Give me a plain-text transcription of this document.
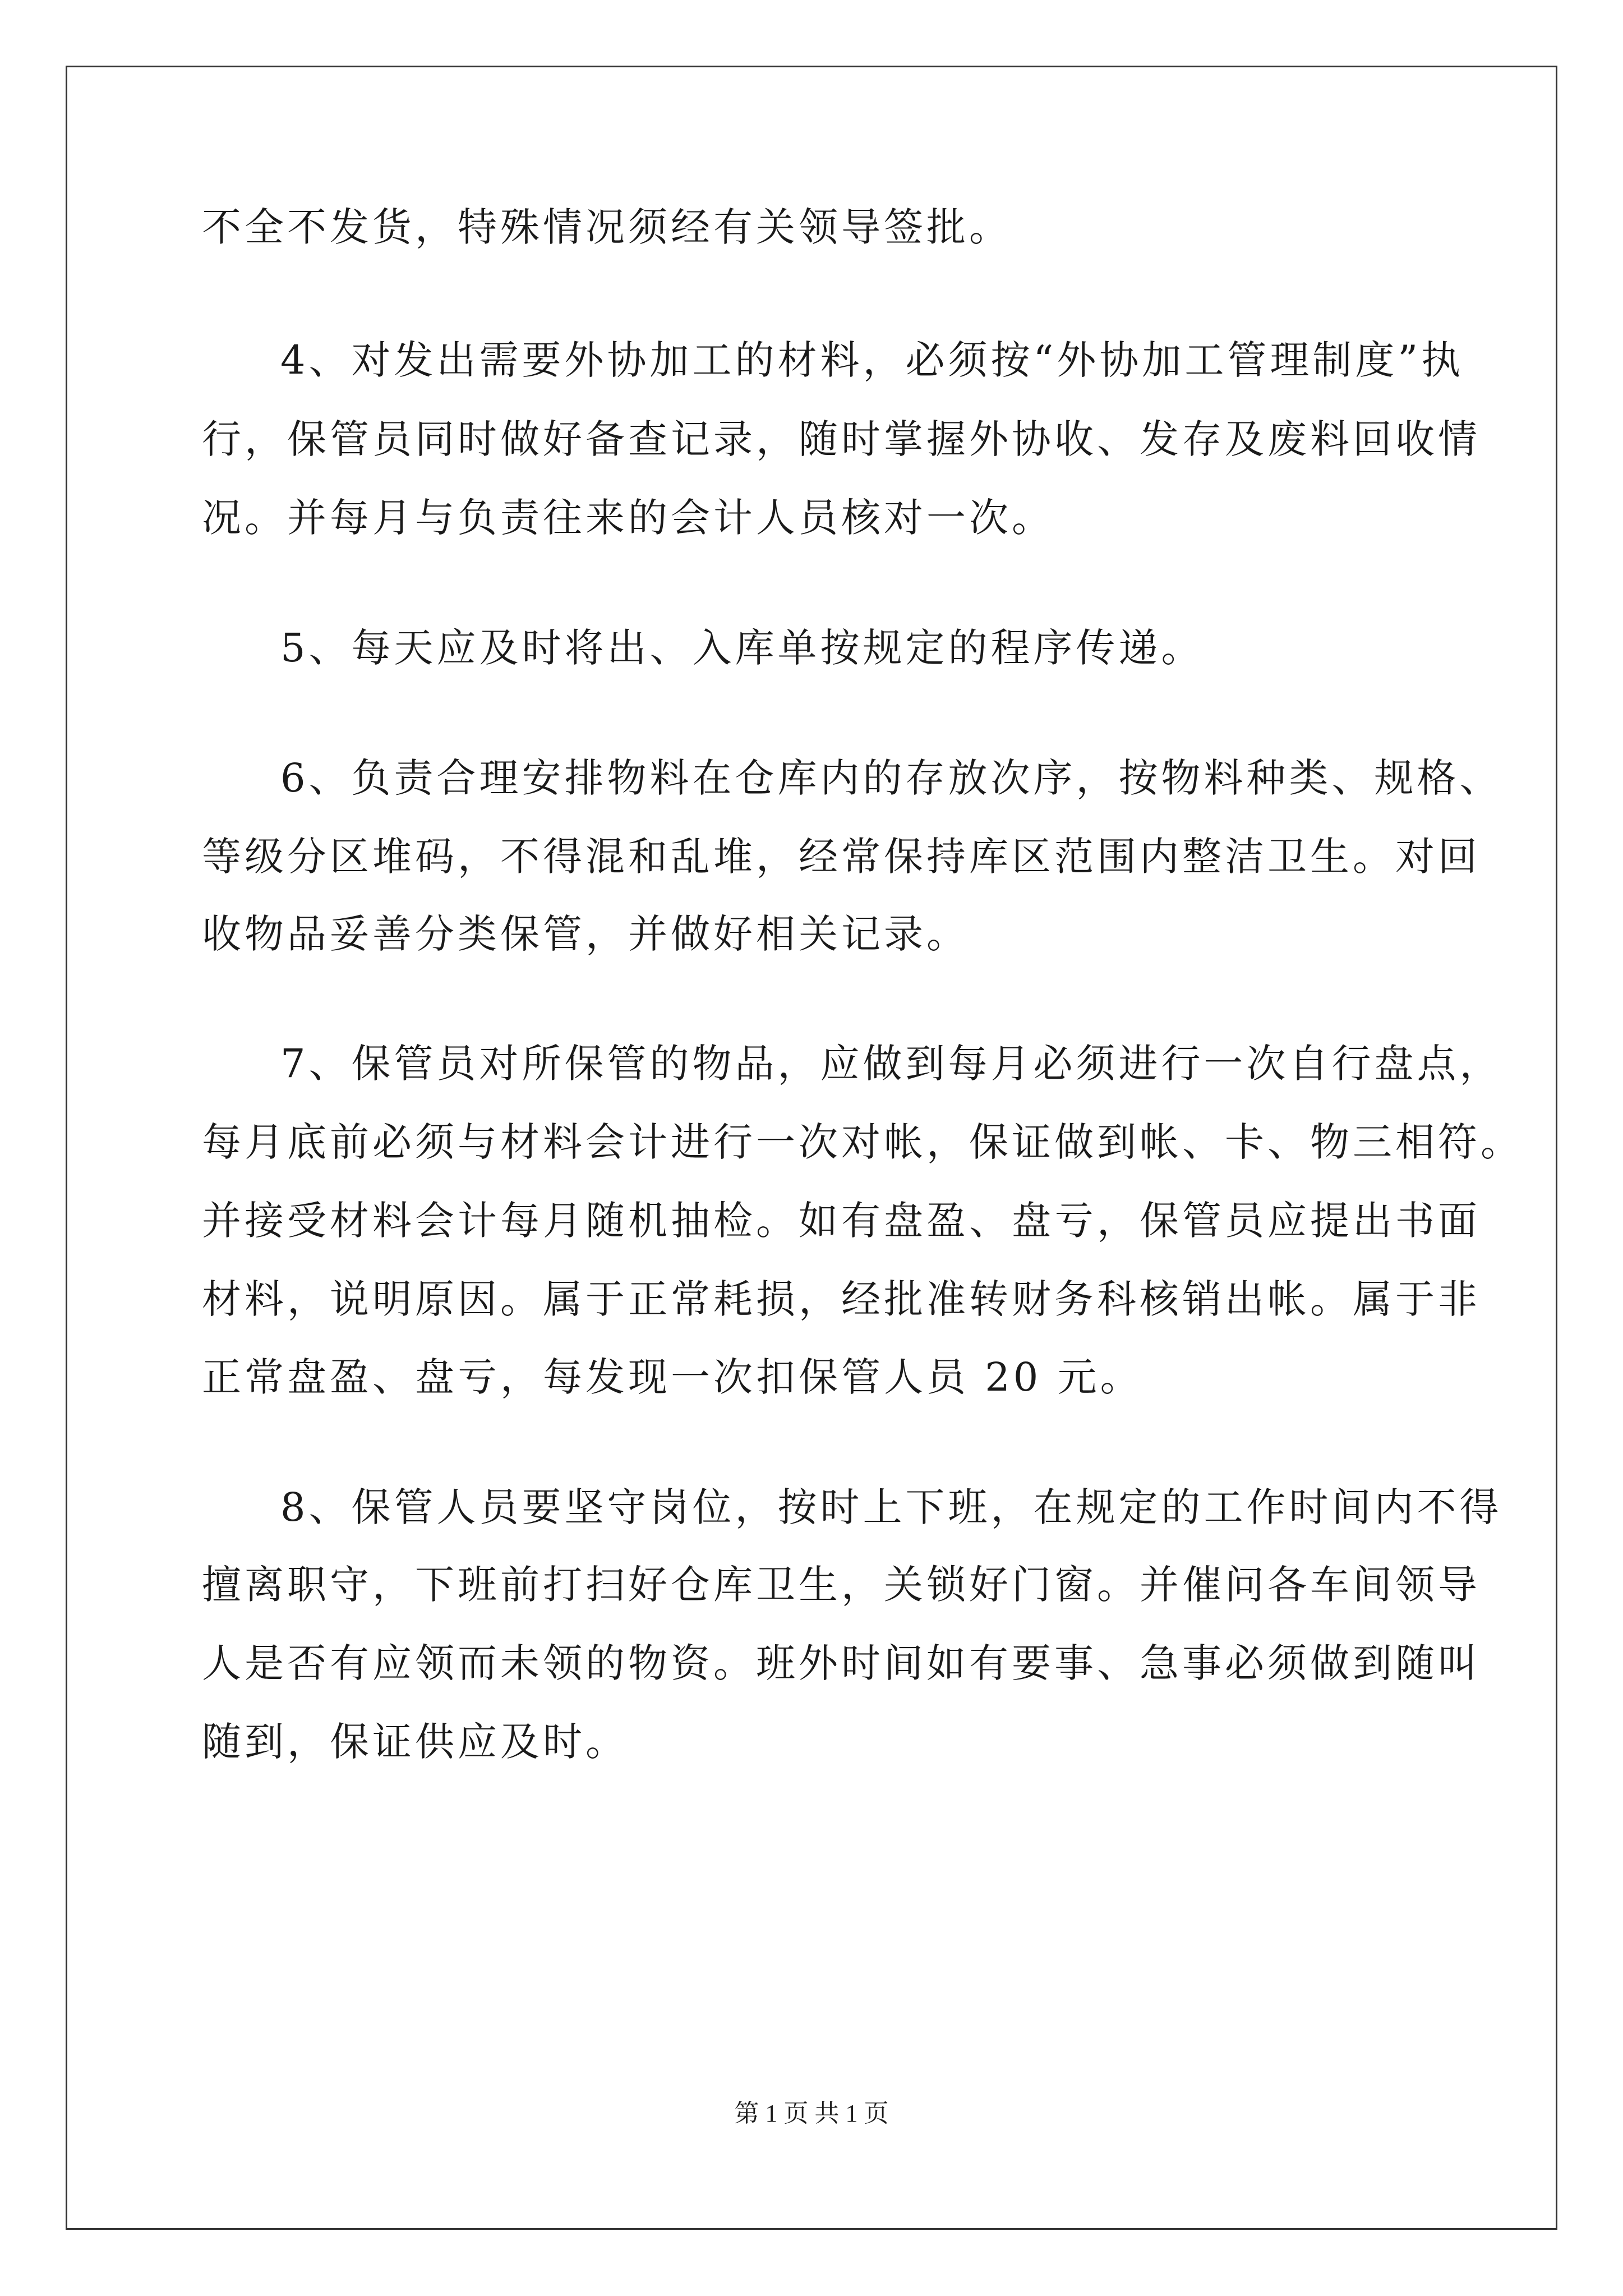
不全不发货，特殊情况须经有关领导签批。
4、对发出需要外协加工的材料，必须按“外协加工管理制度”执
行，保管员同时做好备查记录，随时掌握外协收、发存及废料回收情
况。并每月与负责往来的会计人员核对一次。
5、每天应及时将出、入库单按规定的程序传递。
6、负责合理安排物料在仓库内的存放次序，按物料种类、规格、
等级分区堆码，不得混和乱堆，经常保持库区范围内整洁卫生。对回
收物品妥善分类保管，并做好相关记录。
7、保管员对所保管的物品，应做到每月必须进行一次自行盘点，
每月底前必须与材料会计进行一次对帐，保证做到帐、卡、物三相符。
并接受材料会计每月随机抽检。如有盘盈、盘亏，保管员应提出书面
材料，说明原因。属于正常耗损，经批准转财务科核销出帐。属于非
正常盘盈、盘亏，每发现一次扣保管人员 20 元。
8、保管人员要坚守岗位，按时上下班，在规定的工作时间内不得
擅离职守，下班前打扫好仓库卫生，关锁好门窗。并催问各车间领导
人是否有应领而未领的物资。班外时间如有要事、急事必须做到随叫
随到，保证供应及时。
第 1 页 共 1 页
